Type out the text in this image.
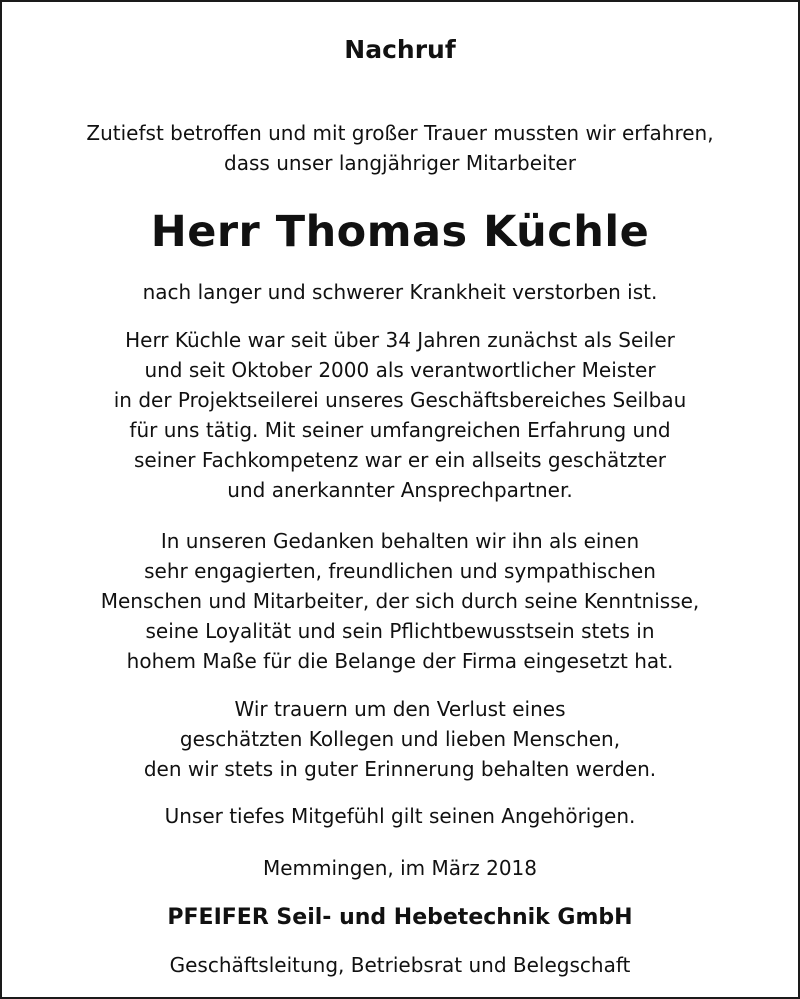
Nachruf
Zutiefst betroffen und mit großer Trauer mussten wir erfahren,
dass unser langjähriger Mitarbeiter
Herr Thomas Küchle
nach langer und schwerer Krankheit verstorben ist.
Herr Küchle war seit über 34 Jahren zunächst als Seiler
und seit Oktober 2000 als verantwortlicher Meister
in der Projektseilerei unseres Geschäftsbereiches Seilbau
für uns tätig. Mit seiner umfangreichen Erfahrung und
seiner Fachkompetenz war er ein allseits geschätzter
und anerkannter Ansprechpartner.
In unseren Gedanken behalten wir ihn als einen
sehr engagierten, freundlichen und sympathischen
Menschen und Mitarbeiter, der sich durch seine Kenntnisse,
seine Loyalität und sein Pflichtbewusstsein stets in
hohem Maße für die Belange der Firma eingesetzt hat.
Wir trauern um den Verlust eines
geschätzten Kollegen und lieben Menschen,
den wir stets in guter Erinnerung behalten werden.
Unser tiefes Mitgefühl gilt seinen Angehörigen.
Memmingen, im März 2018
PFEIFER Seil- und Hebetechnik GmbH
Geschäftsleitung, Betriebsrat und Belegschaft
